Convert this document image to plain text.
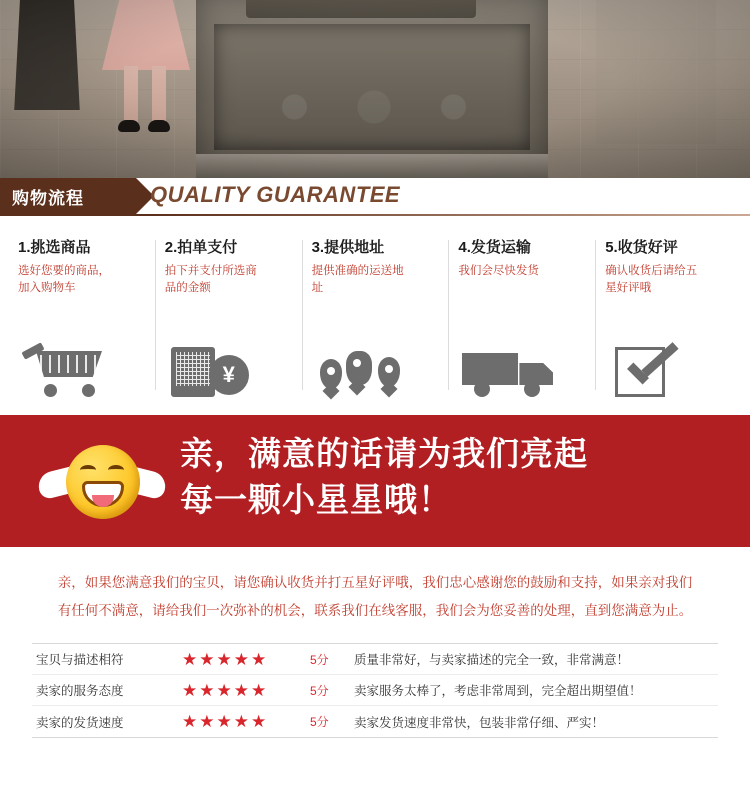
购物流程	QUALITY GUARANTEE
1.挑选商品
选好您要的商品，加入购物车
2.拍单支付
拍下并支付所选商品的金额
¥
3.提供地址
提供准确的运送地址
4.发货运输
我们会尽快发货
5.收货好评
确认收货后请给五星好评哦
亲，满意的话请为我们亮起
每一颗小星星哦！
亲，如果您满意我们的宝贝，请您确认收货并打五星好评哦，我们忠心感谢您的鼓励和支持，如果亲对我们有任何不满意，请给我们一次弥补的机会，联系我们在线客服，我们会为您妥善的处理，直到您满意为止。
宝贝与描述相符	★★★★★	5分	质量非常好，与卖家描述的完全一致，非常满意！
卖家的服务态度	★★★★★	5分	卖家服务太棒了，考虑非常周到，完全超出期望值！
卖家的发货速度	★★★★★	5分	卖家发货速度非常快，包装非常仔细、严实！
